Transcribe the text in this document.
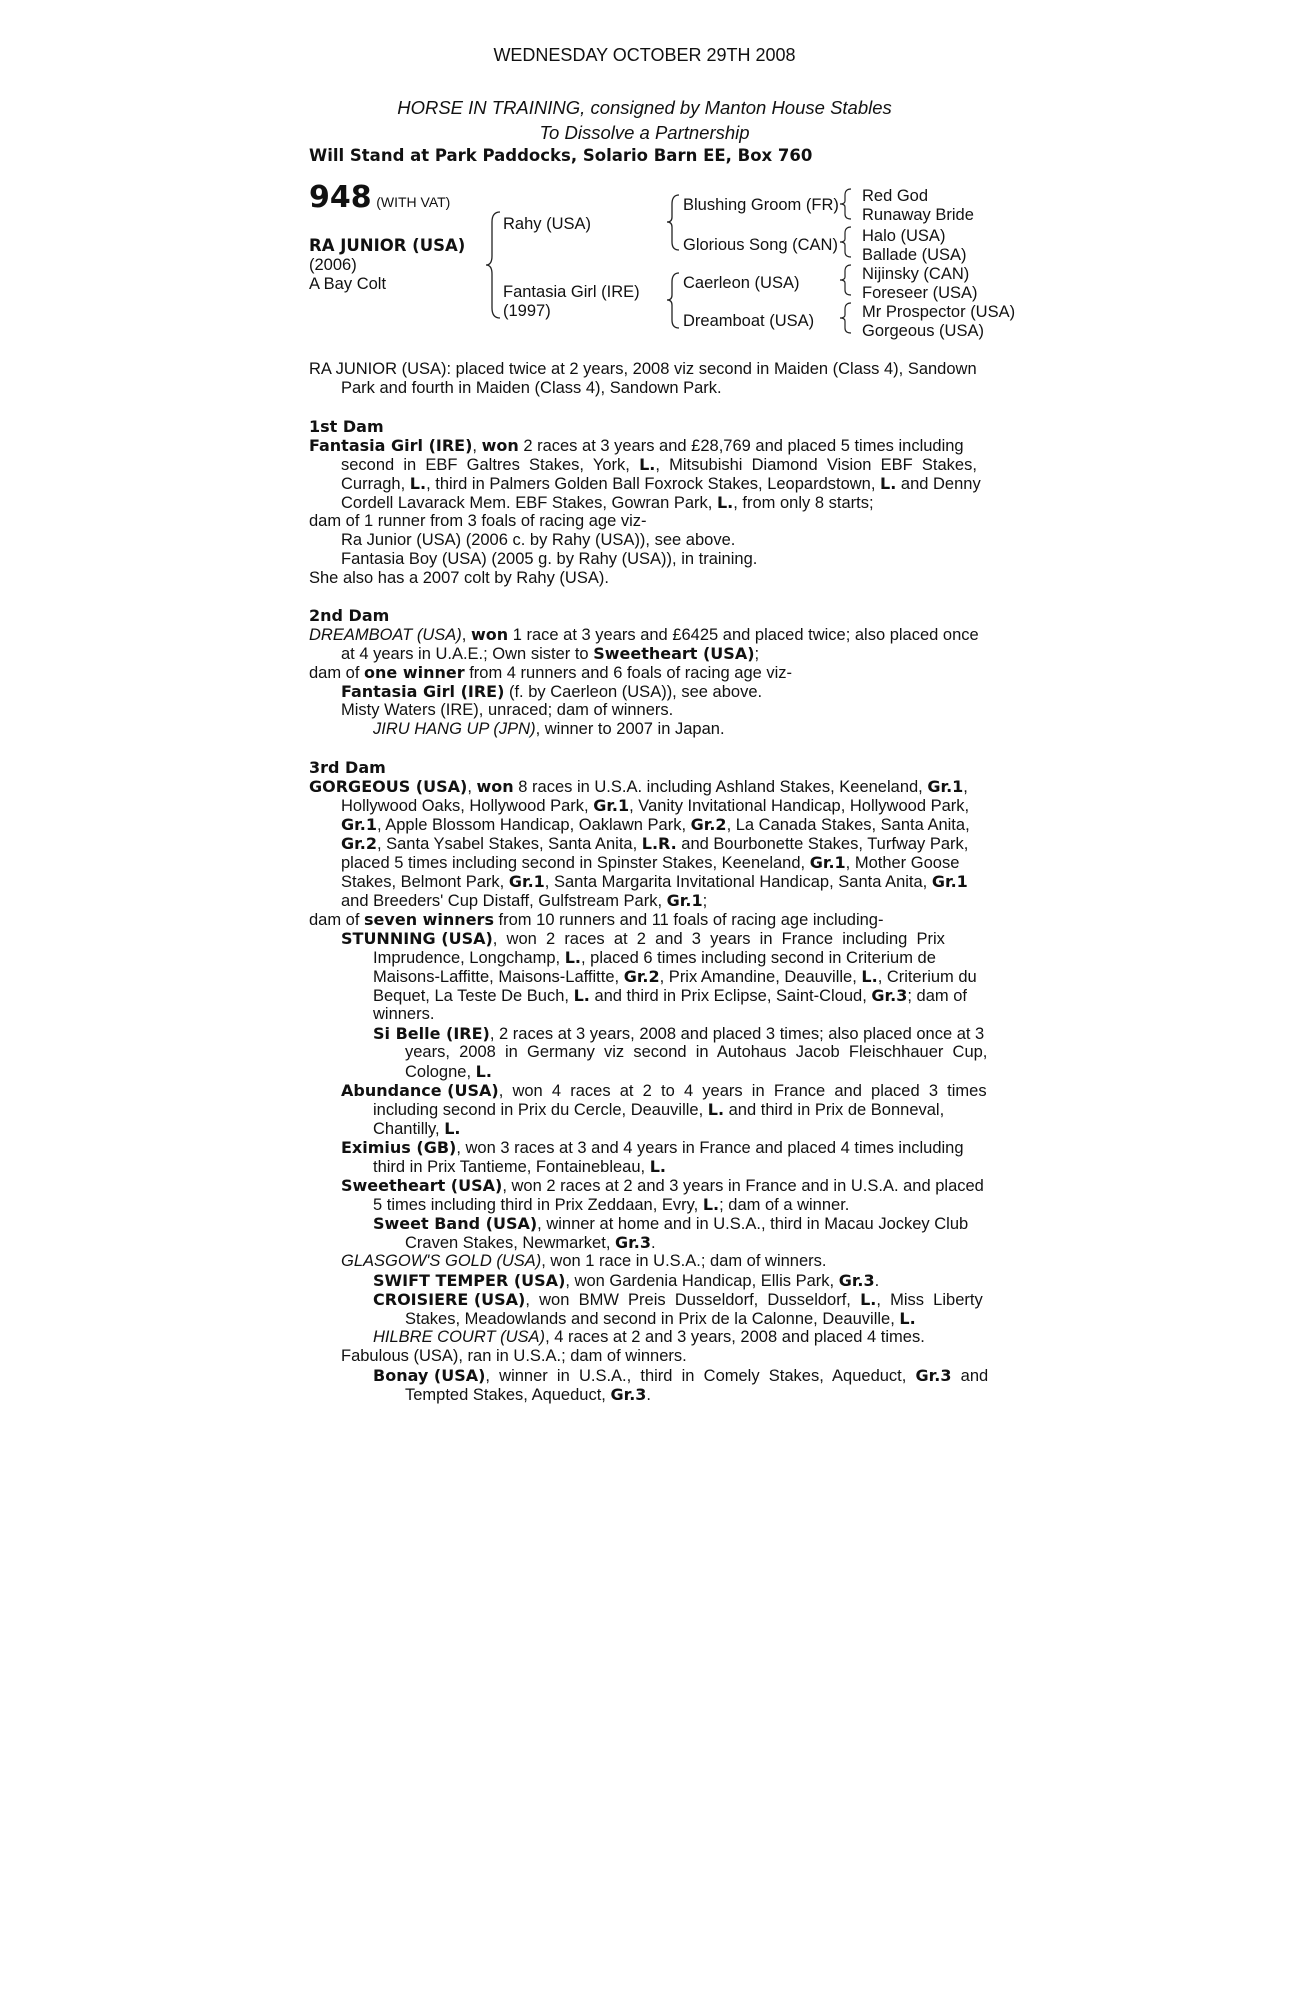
WEDNESDAY OCTOBER 29TH 2008
HORSE IN TRAINING, consigned by Manton House Stables
To Dissolve a Partnership
Will Stand at Park Paddocks, Solario Barn EE, Box 760
948 (WITH VAT)
RA JUNIOR (USA)
(2006)
A Bay Colt
Rahy (USA)
Fantasia Girl (IRE)
(1997)
Blushing Groom (FR)
Glorious Song (CAN)
Caerleon (USA)
Dreamboat (USA)
Red God
Runaway Bride
Halo (USA)
Ballade (USA)
Nijinsky (CAN)
Foreseer (USA)
Mr Prospector (USA)
Gorgeous (USA)
RA JUNIOR (USA): placed twice at 2 years, 2008 viz second in Maiden (Class 4), Sandown
Park and fourth in Maiden (Class 4), Sandown Park.
1st Dam
Fantasia Girl (IRE), won 2 races at 3 years and £28,769 and placed 5 times including
second  in  EBF  Galtres  Stakes,  York,  L.,  Mitsubishi  Diamond  Vision  EBF  Stakes,
Curragh, L., third in Palmers Golden Ball Foxrock Stakes, Leopardstown, L. and Denny
Cordell Lavarack Mem. EBF Stakes, Gowran Park, L., from only 8 starts;
dam of 1 runner from 3 foals of racing age viz-
Ra Junior (USA) (2006 c. by Rahy (USA)), see above.
Fantasia Boy (USA) (2005 g. by Rahy (USA)), in training.
She also has a 2007 colt by Rahy (USA).
2nd Dam
DREAMBOAT (USA), won 1 race at 3 years and £6425 and placed twice; also placed once
at 4 years in U.A.E.; Own sister to Sweetheart (USA);
dam of one winner from 4 runners and 6 foals of racing age viz-
Fantasia Girl (IRE) (f. by Caerleon (USA)), see above.
Misty Waters (IRE), unraced; dam of winners.
JIRU HANG UP (JPN), winner to 2007 in Japan.
3rd Dam
GORGEOUS (USA), won 8 races in U.S.A. including Ashland Stakes, Keeneland, Gr.1,
Hollywood Oaks, Hollywood Park, Gr.1, Vanity Invitational Handicap, Hollywood Park,
Gr.1, Apple Blossom Handicap, Oaklawn Park, Gr.2, La Canada Stakes, Santa Anita,
Gr.2, Santa Ysabel Stakes, Santa Anita, L.R. and Bourbonette Stakes, Turfway Park,
placed 5 times including second in Spinster Stakes, Keeneland, Gr.1, Mother Goose
Stakes, Belmont Park, Gr.1, Santa Margarita Invitational Handicap, Santa Anita, Gr.1
and Breeders' Cup Distaff, Gulfstream Park, Gr.1;
dam of seven winners from 10 runners and 11 foals of racing age including-
STUNNING (USA),  won  2  races  at  2  and  3  years  in  France  including  Prix
Imprudence, Longchamp, L., placed 6 times including second in Criterium de
Maisons-Laffitte, Maisons-Laffitte, Gr.2, Prix Amandine, Deauville, L., Criterium du
Bequet, La Teste De Buch, L. and third in Prix Eclipse, Saint-Cloud, Gr.3; dam of
winners.
Si Belle (IRE), 2 races at 3 years, 2008 and placed 3 times; also placed once at 3
years,  2008  in  Germany  viz  second  in  Autohaus  Jacob  Fleischhauer  Cup,
Cologne, L.
Abundance (USA),  won  4  races  at  2  to  4  years  in  France  and  placed  3  times
including second in Prix du Cercle, Deauville, L. and third in Prix de Bonneval,
Chantilly, L.
Eximius (GB), won 3 races at 3 and 4 years in France and placed 4 times including
third in Prix Tantieme, Fontainebleau, L.
Sweetheart (USA), won 2 races at 2 and 3 years in France and in U.S.A. and placed
5 times including third in Prix Zeddaan, Evry, L.; dam of a winner.
Sweet Band (USA), winner at home and in U.S.A., third in Macau Jockey Club
Craven Stakes, Newmarket, Gr.3.
GLASGOW'S GOLD (USA), won 1 race in U.S.A.; dam of winners.
SWIFT TEMPER (USA), won Gardenia Handicap, Ellis Park, Gr.3.
CROISIERE (USA),  won  BMW  Preis  Dusseldorf,  Dusseldorf,  L.,  Miss  Liberty
Stakes, Meadowlands and second in Prix de la Calonne, Deauville, L.
HILBRE COURT (USA), 4 races at 2 and 3 years, 2008 and placed 4 times.
Fabulous (USA), ran in U.S.A.; dam of winners.
Bonay (USA),  winner  in  U.S.A.,  third  in  Comely  Stakes,  Aqueduct,  Gr.3  and
Tempted Stakes, Aqueduct, Gr.3.
